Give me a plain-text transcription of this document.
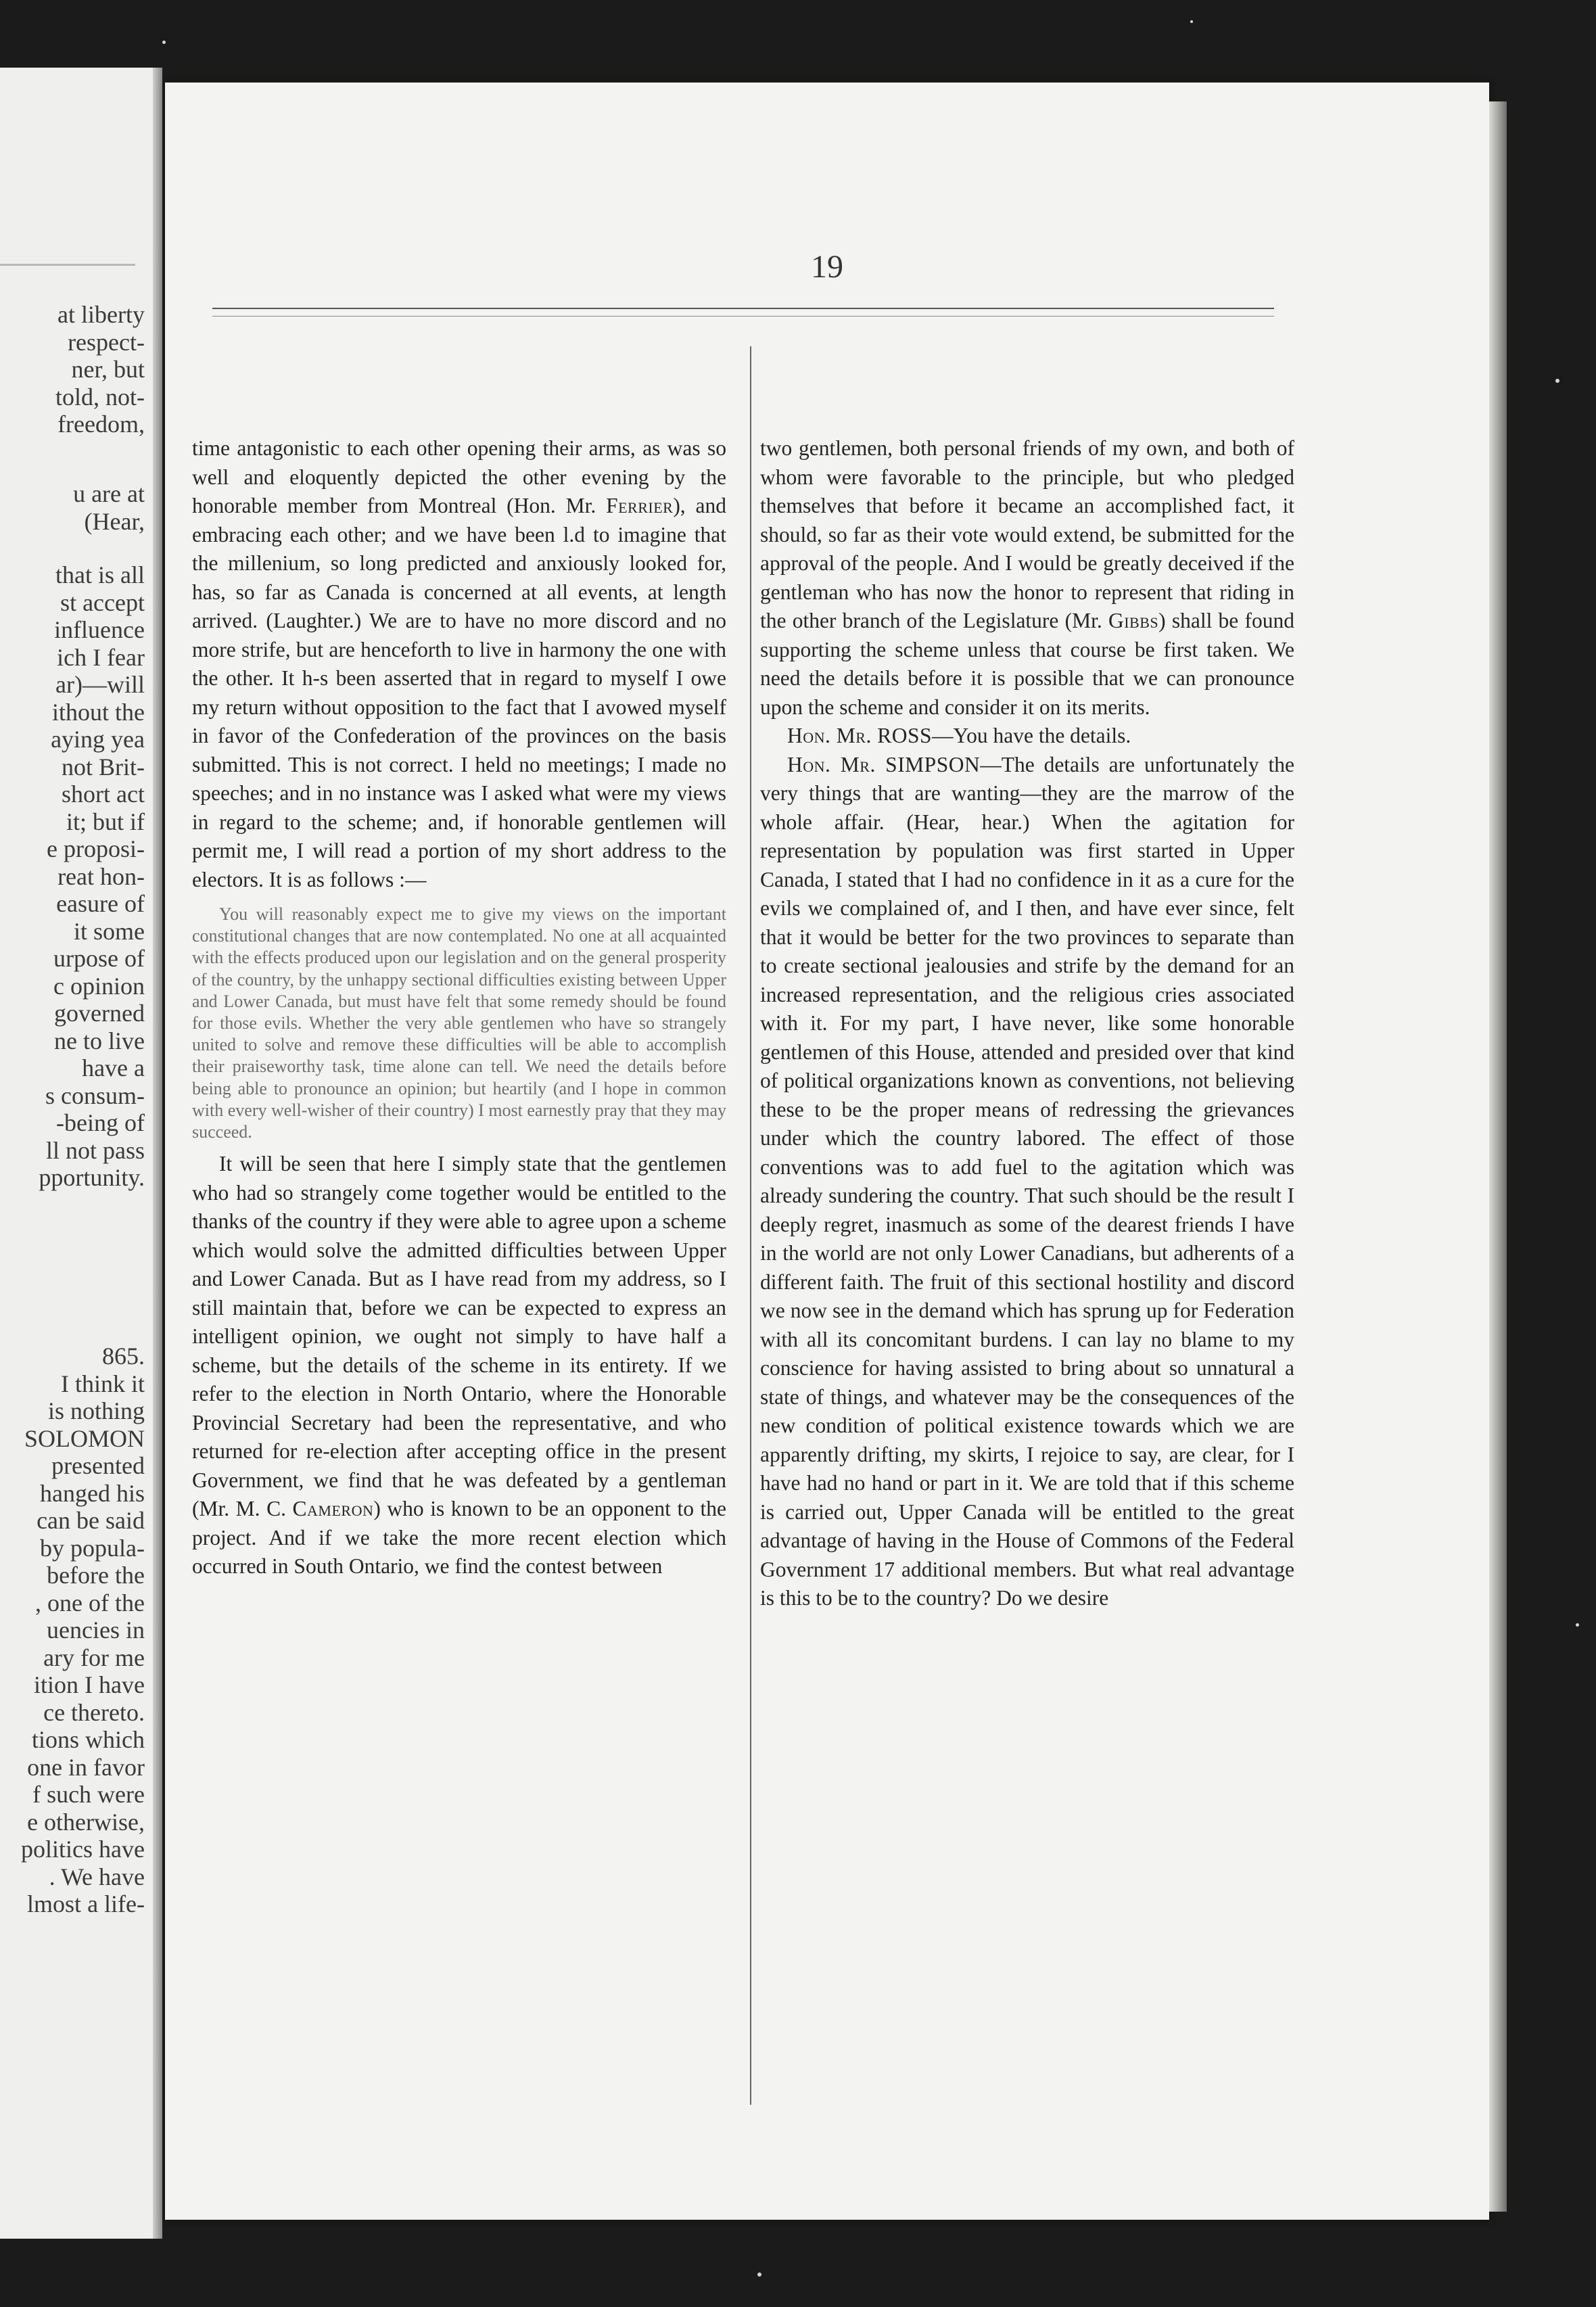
at liberty
respect-
ner, but
told, not-
freedom,
u are at
(Hear,
that is all
st accept
influence
ich I fear
ar)—will
ithout the
aying yea
not Brit-
short act
it; but if
e proposi-
reat hon-
easure of
it some
urpose of
c opinion
governed
ne to live
have a
s consum-
-being of
ll not pass
pportunity.
865.
I think it
is nothing
SOLOMON
presented
hanged his
can be said
by popula-
before the
, one of the
uencies in
ary for me
ition I have
ce thereto.
tions which
one in favor
f such were
e otherwise,
politics have
. We have
lmost a life-
19

time antagonistic to each other opening their arms, as was so well and eloquently depicted the other evening by the honorable member from Montreal (Hon. Mr. Ferrier), and embracing each other; and we have been l.d to imagine that the millenium, so long predicted and anxiously looked for, has, so far as Canada is concerned at all events, at length arrived. (Laughter.) We are to have no more discord and no more strife, but are henceforth to live in harmony the one with the other. It h-s been asserted that in regard to myself I owe my return without opposition to the fact that I avowed myself in favor of the Confederation of the provinces on the basis submitted. This is not correct. I held no meetings; I made no speeches; and in no instance was I asked what were my views in regard to the scheme; and, if honorable gentlemen will permit me, I will read a portion of my short address to the electors. It is as follows :—

You will reasonably expect me to give my views on the important constitutional changes that are now contemplated. No one at all acquainted with the effects produced upon our legislation and on the general prosperity of the country, by the unhappy sectional difficulties existing between Upper and Lower Canada, but must have felt that some remedy should be found for those evils. Whether the very able gentlemen who have so strangely united to solve and remove these difficulties will be able to accomplish their praiseworthy task, time alone can tell. We need the details before being able to pronounce an opinion; but heartily (and I hope in common with every well-wisher of their country) I most earnestly pray that they may succeed.

It will be seen that here I simply state that the gentlemen who had so strangely come together would be entitled to the thanks of the country if they were able to agree upon a scheme which would solve the admitted difficulties between Upper and Lower Canada. But as I have read from my address, so I still maintain that, before we can be expected to express an intelligent opinion, we ought not simply to have half a scheme, but the details of the scheme in its entirety. If we refer to the election in North Ontario, where the Honorable Provincial Secretary had been the representative, and who returned for re-election after accepting office in the present Government, we find that he was defeated by a gentleman (Mr. M. C. Cameron) who is known to be an opponent to the project. And if we take the more recent election which occurred in South Ontario, we find the contest between

two gentlemen, both personal friends of my own, and both of whom were favorable to the principle, but who pledged themselves that before it became an accomplished fact, it should, so far as their vote would extend, be submitted for the approval of the people. And I would be greatly deceived if the gentleman who has now the honor to represent that riding in the other branch of the Legislature (Mr. Gibbs) shall be found supporting the scheme unless that course be first taken. We need the details before it is possible that we can pronounce upon the scheme and consider it on its merits.

Hon. Mr. ROSS—You have the details.

Hon. Mr. SIMPSON—The details are unfortunately the very things that are wanting—they are the marrow of the whole affair. (Hear, hear.) When the agitation for representation by population was first started in Upper Canada, I stated that I had no confidence in it as a cure for the evils we complained of, and I then, and have ever since, felt that it would be better for the two provinces to separate than to create sectional jealousies and strife by the demand for an increased representation, and the religious cries associated with it. For my part, I have never, like some honorable gentlemen of this House, attended and presided over that kind of political organizations known as conventions, not believing these to be the proper means of redressing the grievances under which the country labored. The effect of those conventions was to add fuel to the agitation which was already sundering the country. That such should be the result I deeply regret, inasmuch as some of the dearest friends I have in the world are not only Lower Canadians, but adherents of a different faith. The fruit of this sectional hostility and discord we now see in the demand which has sprung up for Federation with all its concomitant burdens. I can lay no blame to my conscience for having assisted to bring about so unnatural a state of things, and whatever may be the consequences of the new condition of political existence towards which we are apparently drifting, my skirts, I rejoice to say, are clear, for I have had no hand or part in it. We are told that if this scheme is carried out, Upper Canada will be entitled to the great advantage of having in the House of Commons of the Federal Government 17 additional members. But what real advantage is this to be to the country? Do we desire
